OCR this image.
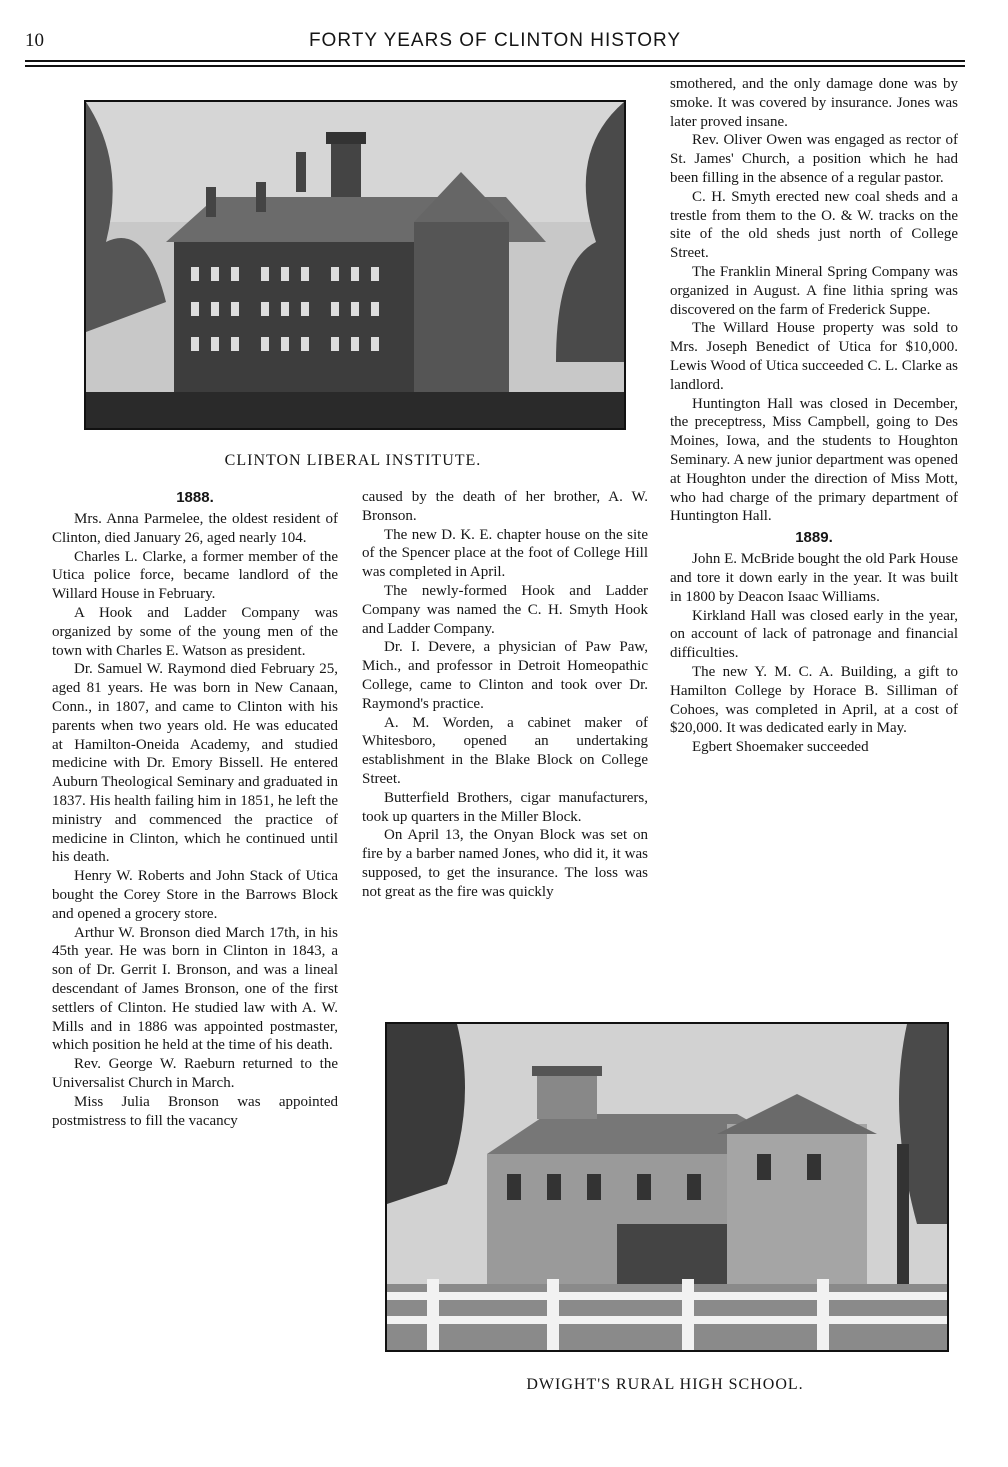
10	FORTY YEARS OF CLINTON HISTORY
CLINTON LIBERAL INSTITUTE.
1888.

Mrs. Anna Parmelee, the oldest resident of Clinton, died January 26, aged nearly 104.

Charles L. Clarke, a former member of the Utica police force, became landlord of the Willard House in February.

A Hook and Ladder Company was organized by some of the young men of the town with Charles E. Watson as president.

Dr. Samuel W. Raymond died February 25, aged 81 years. He was born in New Canaan, Conn., in 1807, and came to Clinton with his parents when two years old. He was educated at Hamilton-Oneida Academy, and studied medicine with Dr. Emory Bissell. He entered Auburn Theological Seminary and graduated in 1837. His health failing him in 1851, he left the ministry and commenced the practice of medicine in Clinton, which he continued until his death.

Henry W. Roberts and John Stack of Utica bought the Corey Store in the Barrows Block and opened a grocery store.

Arthur W. Bronson died March 17th, in his 45th year. He was born in Clinton in 1843, a son of Dr. Gerrit I. Bronson, and was a lineal descendant of James Bronson, one of the first settlers of Clinton. He studied law with A. W. Mills and in 1886 was appointed postmaster, which position he held at the time of his death.

Rev. George W. Raeburn returned to the Universalist Church in March.

Miss Julia Bronson was appointed postmistress to fill the vacancy

caused by the death of her brother, A. W. Bronson.

The new D. K. E. chapter house on the site of the Spencer place at the foot of College Hill was completed in April.

The newly-formed Hook and Ladder Company was named the C. H. Smyth Hook and Ladder Company.

Dr. I. Devere, a physician of Paw Paw, Mich., and professor in Detroit Homeopathic College, came to Clinton and took over Dr. Raymond's practice.

A. M. Worden, a cabinet maker of Whitesboro, opened an undertaking establishment in the Blake Block on College Street.

Butterfield Brothers, cigar manufacturers, took up quarters in the Miller Block.

On April 13, the Onyan Block was set on fire by a barber named Jones, who did it, it was supposed, to get the insurance. The loss was not great as the fire was quickly

smothered, and the only damage done was by smoke. It was covered by insurance. Jones was later proved insane.

Rev. Oliver Owen was engaged as rector of St. James' Church, a position which he had been filling in the absence of a regular pastor.

C. H. Smyth erected new coal sheds and a trestle from them to the O. & W. tracks on the site of the old sheds just north of College Street.

The Franklin Mineral Spring Company was organized in August. A fine lithia spring was discovered on the farm of Frederick Suppe.

The Willard House property was sold to Mrs. Joseph Benedict of Utica for $10,000. Lewis Wood of Utica succeeded C. L. Clarke as landlord.

Huntington Hall was closed in December, the preceptress, Miss Campbell, going to Des Moines, Iowa, and the students to Houghton Seminary. A new junior department was opened at Houghton under the direction of Miss Mott, who had charge of the primary department of Huntington Hall.

1889.

John E. McBride bought the old Park House and tore it down early in the year. It was built in 1800 by Deacon Isaac Williams.

Kirkland Hall was closed early in the year, on account of lack of patronage and financial difficulties.

The new Y. M. C. A. Building, a gift to Hamilton College by Horace B. Silliman of Cohoes, was completed in April, at a cost of $20,000. It was dedicated early in May.

Egbert Shoemaker succeeded

DWIGHT'S RURAL HIGH SCHOOL.
